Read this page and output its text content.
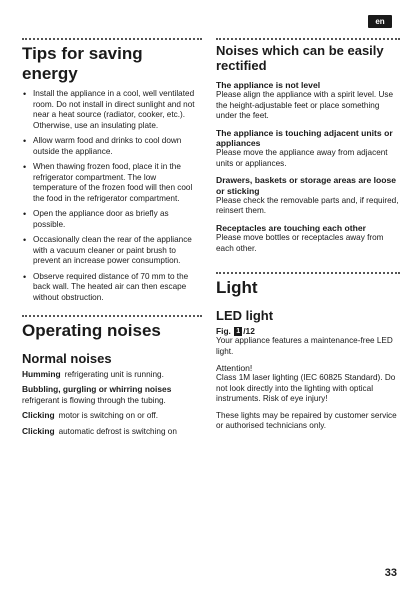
en
Tips for saving energy
• Install the appliance in a cool, well ventilated room. Do not install in direct sunlight and not near a heat source (radiator, cooker, etc.). Otherwise, use an insulating plate.
• Allow warm food and drinks to cool down outside the appliance.
• When thawing frozen food, place it in the refrigerator compartment. The low temperature of the frozen food will then cool the food in the refrigerator compartment.
• Open the appliance door as briefly as possible.
• Occasionally clean the rear of the appliance with a vacuum cleaner or paint brush to prevent an increase power consumption.
• Observe required distance of 70 mm to the back wall. The heated air can then escape without obstruction.
Operating noises
Normal noises
Humming refrigerating unit is running.
Bubbling, gurgling or whirring noises
refrigerant is flowing through the tubing.
Clicking motor is switching on or off.
Clicking automatic defrost is switching on
Noises which can be easily rectified
The appliance is not level
Please align the appliance with a spirit level. Use the height-adjustable feet or place something under the feet.
The appliance is touching adjacent units or appliances
Please move the appliance away from adjacent units or appliances.
Drawers, baskets or storage areas are loose or sticking
Please check the removable parts and, if required, reinsert them.
Receptacles are touching each other
Please move bottles or receptacles away from each other.
Light
LED light
Fig. 1 /12
Your appliance features a maintenance-free LED light.
Attention!
Class 1M laser lighting (IEC 60825 Standard). Do not look directly into the lighting with optical instruments. Risk of eye injury!
These lights may be repaired by customer service or authorised technicians only.
33
